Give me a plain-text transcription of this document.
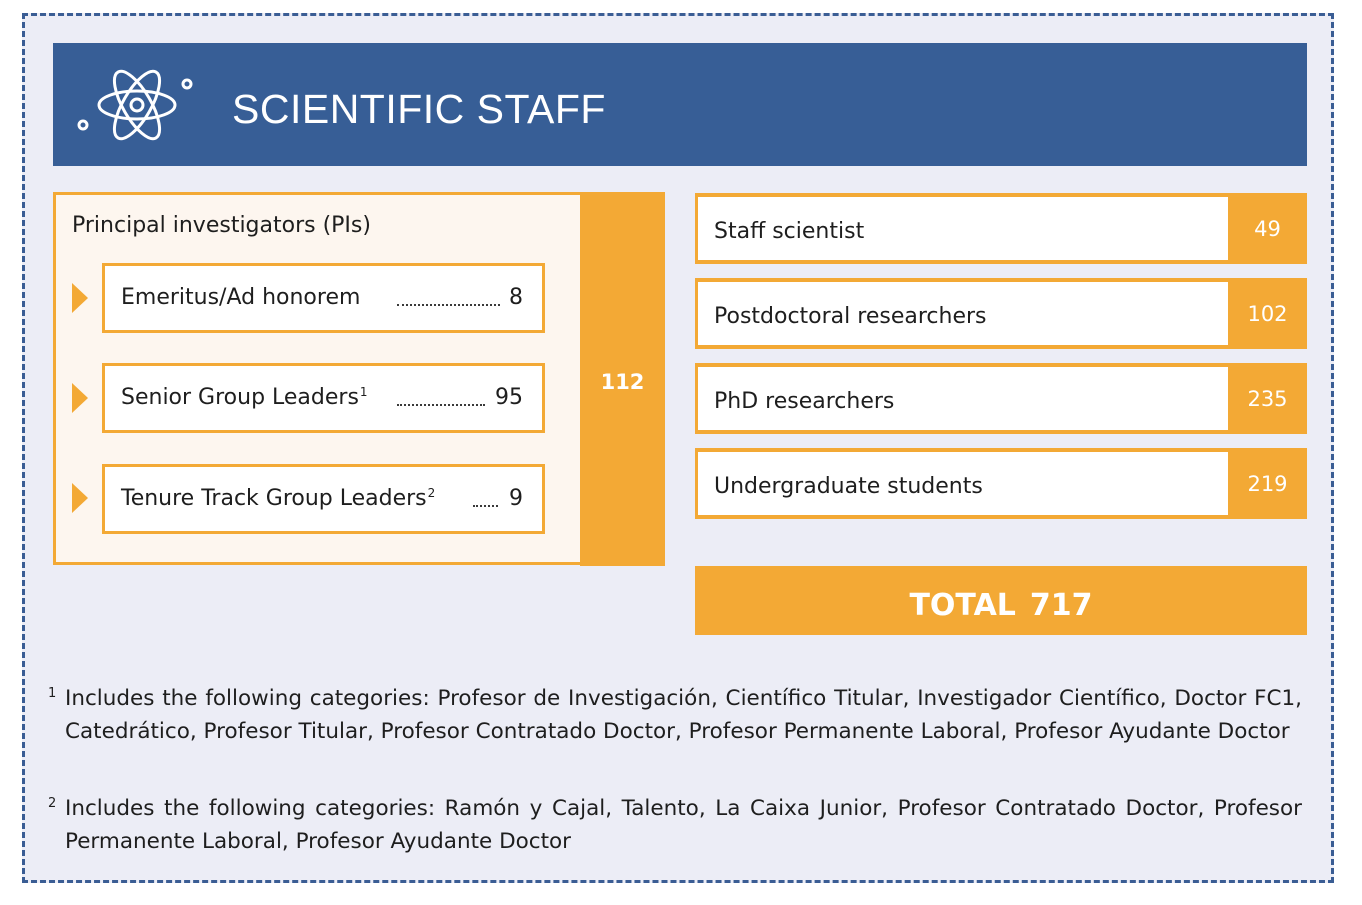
SCIENTIFIC STAFF
112
Principal investigators (PIs)
Emeritus/Ad honorem	8
Senior Group Leaders$^1$	95
Tenure Track Group Leaders$^2$	9
Staff scientist	49
Postdoctoral researchers	102
PhD researchers	235
Undergraduate students	219
TOTAL 717
1 Includes the following categories: Profesor de Investigación, Científico Titular, Investigador Científico, Doctor FC1, Catedrático, Profesor Titular, Profesor Contratado Doctor, Profesor Permanente Laboral, Profesor Ayudante Doctor
2 Includes the following categories: Ramón y Cajal, Talento, La Caixa Junior, Profesor Contratado Doctor, Profesor Permanente Laboral, Profesor Ayudante Doctor
